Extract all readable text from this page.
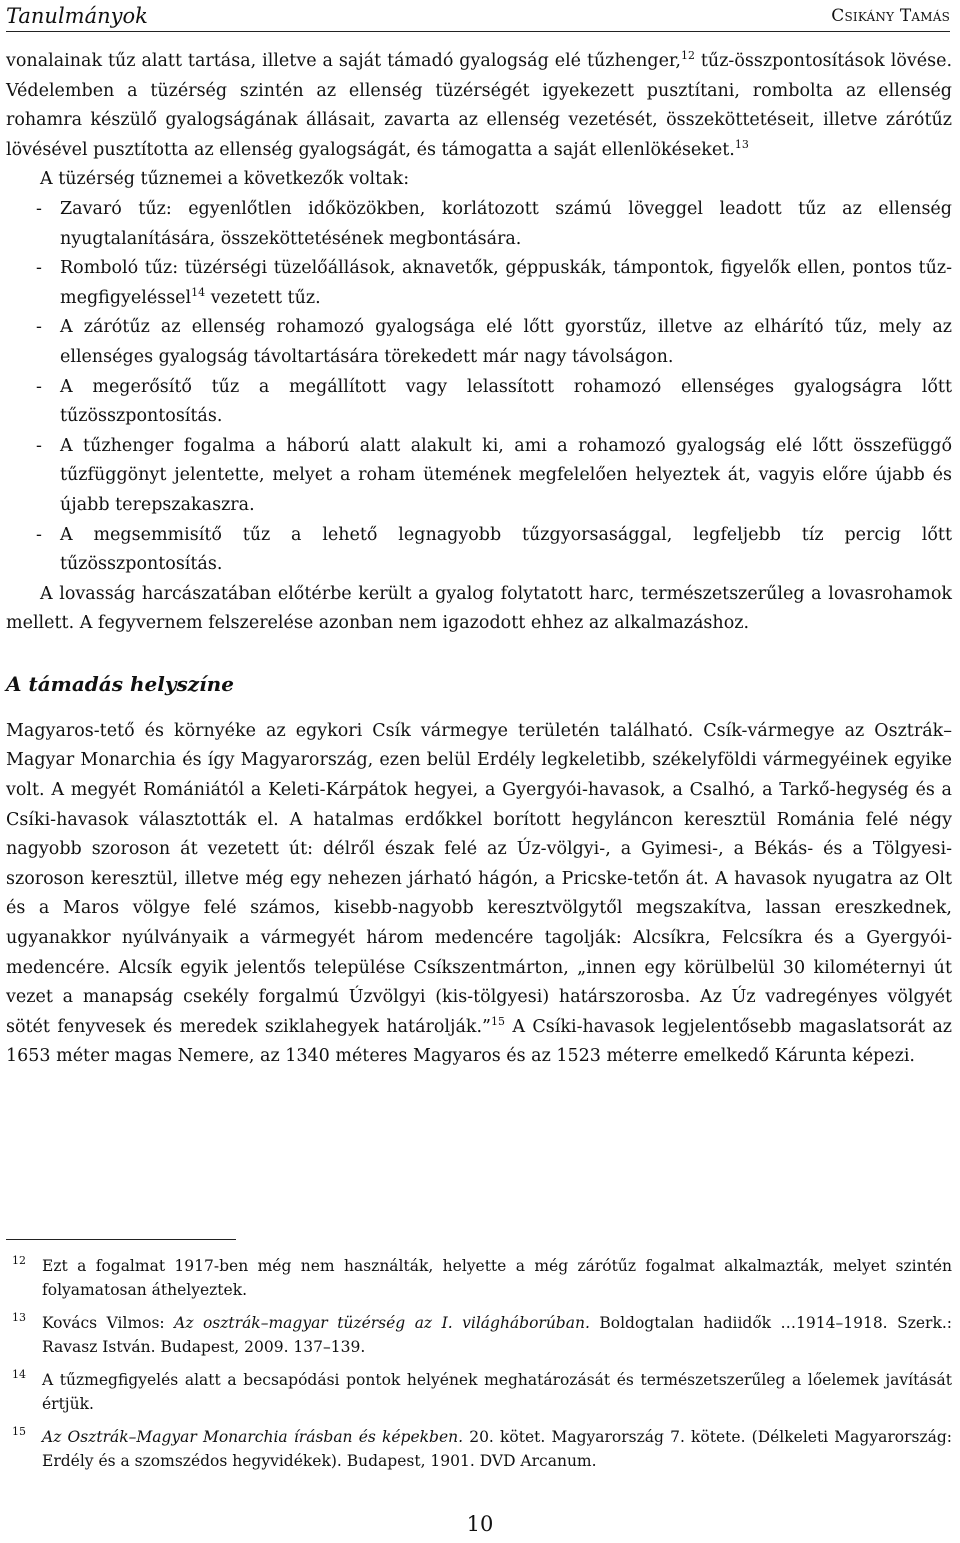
Tanulmányok	Csikány Tamás

vonalainak tűz alatt tartása, illetve a saját támadó gyalogság elé tűzhenger,$^{12}$ tűz-összpontosítások lövése. Védelemben a tüzérség szintén az ellenség tüzérségét igyekezett pusztítani, rombolta az ellenség rohamra készülő gyalogságának állásait, zavarta az ellenség vezetését, összeköttetéseit, illetve zárótűz lövésével pusztította az ellenség gyalogságát, és támogatta a saját ellenlökéseket.$^{13}$

A tüzérség tűznemei a következők voltak:

- Zavaró tűz: egyenlőtlen időközökben, korlátozott számú löveggel leadott tűz az ellenség nyugtalanítására, összeköttetésének megbontására.

- Romboló tűz: tüzérségi tüzelőállások, aknavetők, géppuskák, támpontok, figyelők ellen, pontos tűz-megfigyeléssel$^{14}$ vezetett tűz.

- A zárótűz az ellenség rohamozó gyalogsága elé lőtt gyorstűz, illetve az elhárító tűz, mely az ellenséges gyalogság távoltartására törekedett már nagy távolságon.

- A megerősítő tűz a megállított vagy lelassított rohamozó ellenséges gyalogságra lőtt tűzösszpontosítás.

- A tűzhenger fogalma a háború alatt alakult ki, ami a rohamozó gyalogság elé lőtt összefüggő tűzfüggönyt jelentette, melyet a roham ütemének megfelelően helyeztek át, vagyis előre újabb és újabb terepszakaszra.

- A megsemmisítő tűz a lehető legnagyobb tűzgyorsasággal, legfeljebb tíz percig lőtt tűzösszpontosítás.

A lovasság harcászatában előtérbe került a gyalog folytatott harc, természetszerűleg a lovasrohamok mellett. A fegyvernem felszerelése azonban nem igazodott ehhez az alkalmazáshoz.

A támadás helyszíne

Magyaros-tető és környéke az egykori Csík vármegye területén található. Csík-vármegye az Osztrák–Magyar Monarchia és így Magyarország, ezen belül Erdély legkeletibb, székelyföldi vármegyéinek egyike volt. A megyét Romániától a Keleti-Kárpátok hegyei, a Gyergyói-havasok, a Csalhó, a Tarkő-hegység és a Csíki-havasok választották el. A hatalmas erdőkkel borított hegyláncon keresztül Románia felé négy nagyobb szoroson át vezetett út: délről észak felé az Úz-völgyi-, a Gyimesi-, a Békás- és a Tölgyesi-szoroson keresztül, illetve még egy nehezen járható hágón, a Pricske-tetőn át. A havasok nyugatra az Olt és a Maros völgye felé számos, kisebb-nagyobb keresztvölgytől megszakítva, lassan ereszkednek, ugyanakkor nyúlványaik a vármegyét három medencére tagolják: Alcsíkra, Felcsíkra és a Gyergyói-medencére. Alcsík egyik jelentős települése Csíkszentmárton, „innen egy körülbelül 30 kilométernyi út vezet a manapság csekély forgalmú Úzvölgyi (kis-tölgyesi) határszorosba. Az Úz vadregényes völgyét sötét fenyvesek és meredek sziklahegyek határolják.”$^{15}$ A Csíki-havasok legjelentősebb magaslatsorát az 1653 méter magas Nemere, az 1340 méteres Magyaros és az 1523 méterre emelkedő Kárunta képezi.

12 Ezt a fogalmat 1917-ben még nem használták, helyette a még zárótűz fogalmat alkalmazták, melyet szintén folyamatosan áthelyeztek.
13 Kovács Vilmos: Az osztrák–magyar tüzérség az I. világháborúban. Boldogtalan hadiidők …1914–1918. Szerk.: Ravasz István. Budapest, 2009. 137–139.
14 A tűzmegfigyelés alatt a becsapódási pontok helyének meghatározását és természetszerűleg a lőelemek javítását értjük.
15 Az Osztrák–Magyar Monarchia írásban és képekben. 20. kötet. Magyarország 7. kötete. (Délkeleti Magyarország: Erdély és a szomszédos hegyvidékek). Budapest, 1901. DVD Arcanum.
10
